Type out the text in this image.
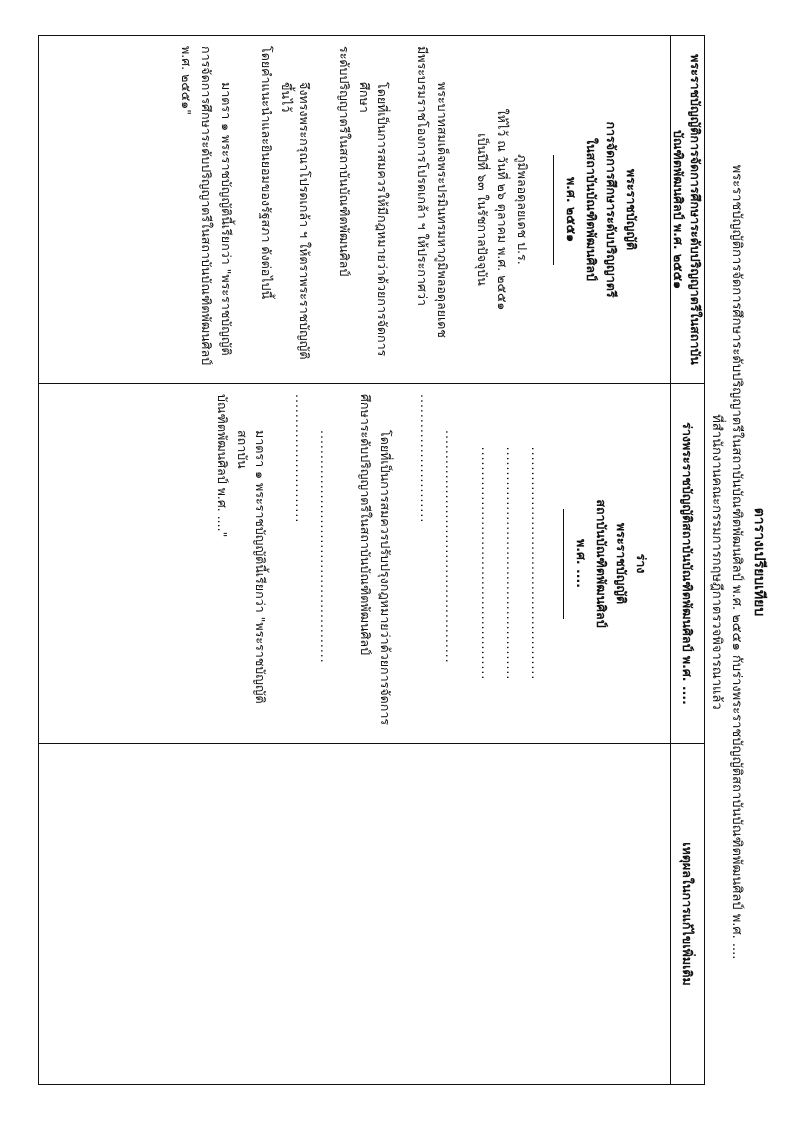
ตารางเปรียบเทียบ
พระราชบัญญัติการจัดการศึกษาระดับปริญญาตรีในสถาบันบัณฑิตพัฒนศิลป์ พ.ศ. ๒๕๕๑ กับร่างพระราชบัญญัติสถาบันบัณฑิตพัฒนศิลป์ พ.ศ. ....
ที่สำนักงานคณะกรรมการกฤษฎีกาตรวจพิจารณาแล้ว
พระราชบัญญัติการจัดการศึกษาระดับปริญญาตรีในสถาบันบัณฑิตพัฒนศิลป์ พ.ศ. ๒๕๕๑
ร่างพระราชบัญญัติสถาบันบัณฑิตพัฒนศิลป์ พ.ศ. ....
เหตุผลในการแก้ไขเพิ่มเติม
พระราชบัญญัติ
การจัดการศึกษาระดับปริญญาตรี
ในสถาบันบัณฑิตพัฒนศิลป์
พ.ศ. ๒๕๕๑
ภูมิพลอดุลยเดช ป.ร.
ให้ไว้ ณ วันที่ ๒๖ ตุลาคม พ.ศ. ๒๕๕๑
เป็นปีที่ ๖๓ ในรัชกาลปัจจุบัน
พระบาทสมเด็จพระปรมินทรมหาภูมิพลอดุลยเดช
มีพระบรมราชโองการโปรดเกล้า ฯ ให้ประกาศว่า
โดยที่เป็นการสมควรให้มีกฎหมายว่าด้วยการจัดการศึกษา
ระดับปริญญาตรีในสถาบันบัณฑิตพัฒนศิลป์
จึงทรงพระกรุณาโปรดเกล้า ฯ ให้ตราพระราชบัญญัติขึ้นไว้
โดยคำแนะนำและยินยอมของรัฐสภา ดังต่อไปนี้
มาตรา ๑ พระราชบัญญัตินี้เรียกว่า "พระราชบัญญัติ
การจัดการศึกษาระดับปริญญาตรีในสถาบันบัณฑิตพัฒนศิลป์
พ.ศ. ๒๕๕๑"
ร่าง
พระราชบัญญัติ
สถาบันบัณฑิตพัฒนศิลป์
พ.ศ. ....
...............................................
...............................................
...............................................
...............................................
..........................
โดยที่เป็นการสมควรปรับปรุงกฎหมายว่าด้วยการจัดการ
ศึกษาระดับปริญญาตรีในสถาบันบัณฑิตพัฒนศิลป์
...............................................
..........................
มาตรา ๑ พระราชบัญญัตินี้เรียกว่า "พระราชบัญญัติสถาบัน
บัณฑิตพัฒนศิลป์ พ.ศ. ...."
